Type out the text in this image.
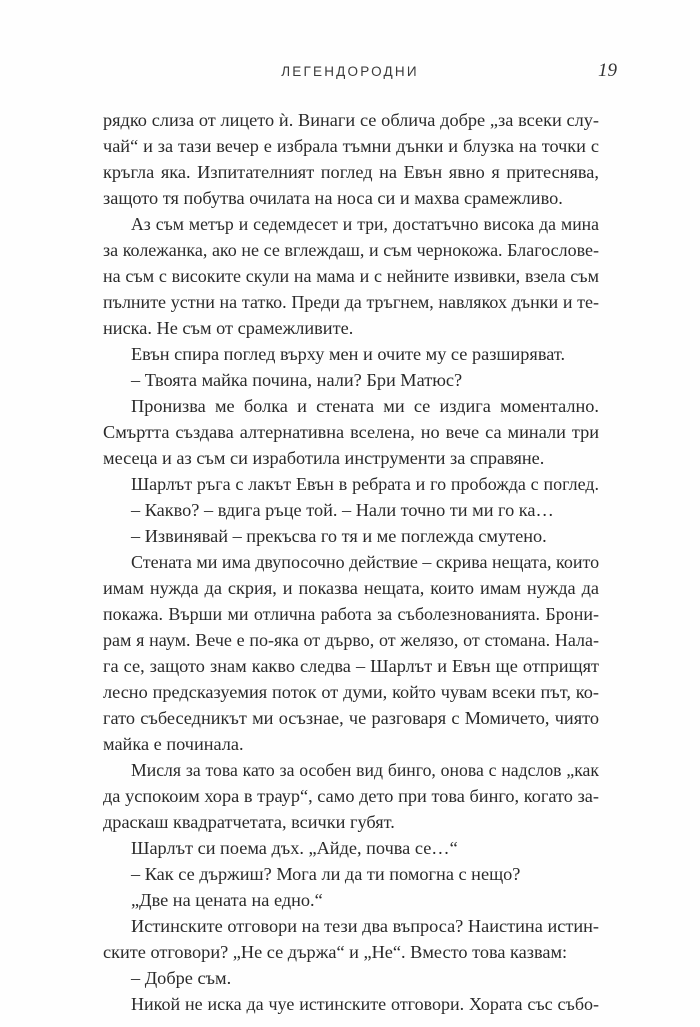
ЛЕГЕНДОРОДНИ	19
рядко слиза от лицето ѝ. Винаги се облича добре „за всеки слу-
чай“ и за тази вечер е избрала тъмни дънки и блузка на точки с
кръгла яка. Изпитателният поглед на Евън явно я притеснява,
защото тя побутва очилата на носа си и махва срамежливо.
Аз съм метър и седемдесет и три, достатъчно висока да мина
за колежанка, ако не се вглеждаш, и съм чернокожа. Благослове-
на съм с високите скули на мама и с нейните извивки, взела съм
пълните устни на татко. Преди да тръгнем, навлякох дънки и те-
ниска. Не съм от срамежливите.
Евън спира поглед върху мен и очите му се разширяват.
– Твоята майка почина, нали? Бри Матюс?
Пронизва ме болка и стената ми се издига моментално.
Смъртта създава алтернативна вселена, но вече са минали три
месеца и аз съм си изработила инструменти за справяне.
Шарлът ръга с лакът Евън в ребрата и го пробожда с поглед.
– Какво? – вдига ръце той. – Нали точно ти ми го ка…
– Извинявай – прекъсва го тя и ме поглежда смутено.
Стената ми има двупосочно действие – скрива нещата, които
имам нужда да скрия, и показва нещата, които имам нужда да
покажа. Върши ми отлична работа за съболезнованията. Брони-
рам я наум. Вече е по-яка от дърво, от желязо, от стомана. Нала-
га се, защото знам какво следва – Шарлът и Евън ще отприщят
лесно предсказуемия поток от думи, който чувам всеки път, ко-
гато събеседникът ми осъзнае, че разговаря с Момичето, чиято
майка е починала.
Мисля за това като за особен вид бинго, онова с надслов „как
да успокоим хора в траур“, само дето при това бинго, когато за-
драскаш квадратчетата, всички губят.
Шарлът си поема дъх. „Айде, почва се…“
– Как се държиш? Мога ли да ти помогна с нещо?
„Две на цената на едно.“
Истинските отговори на тези два въпроса? Наистина истин-
ските отговори? „Не се държа“ и „Не“. Вместо това казвам:
– Добре съм.
Никой не иска да чуе истинските отговори. Хората със събо-
